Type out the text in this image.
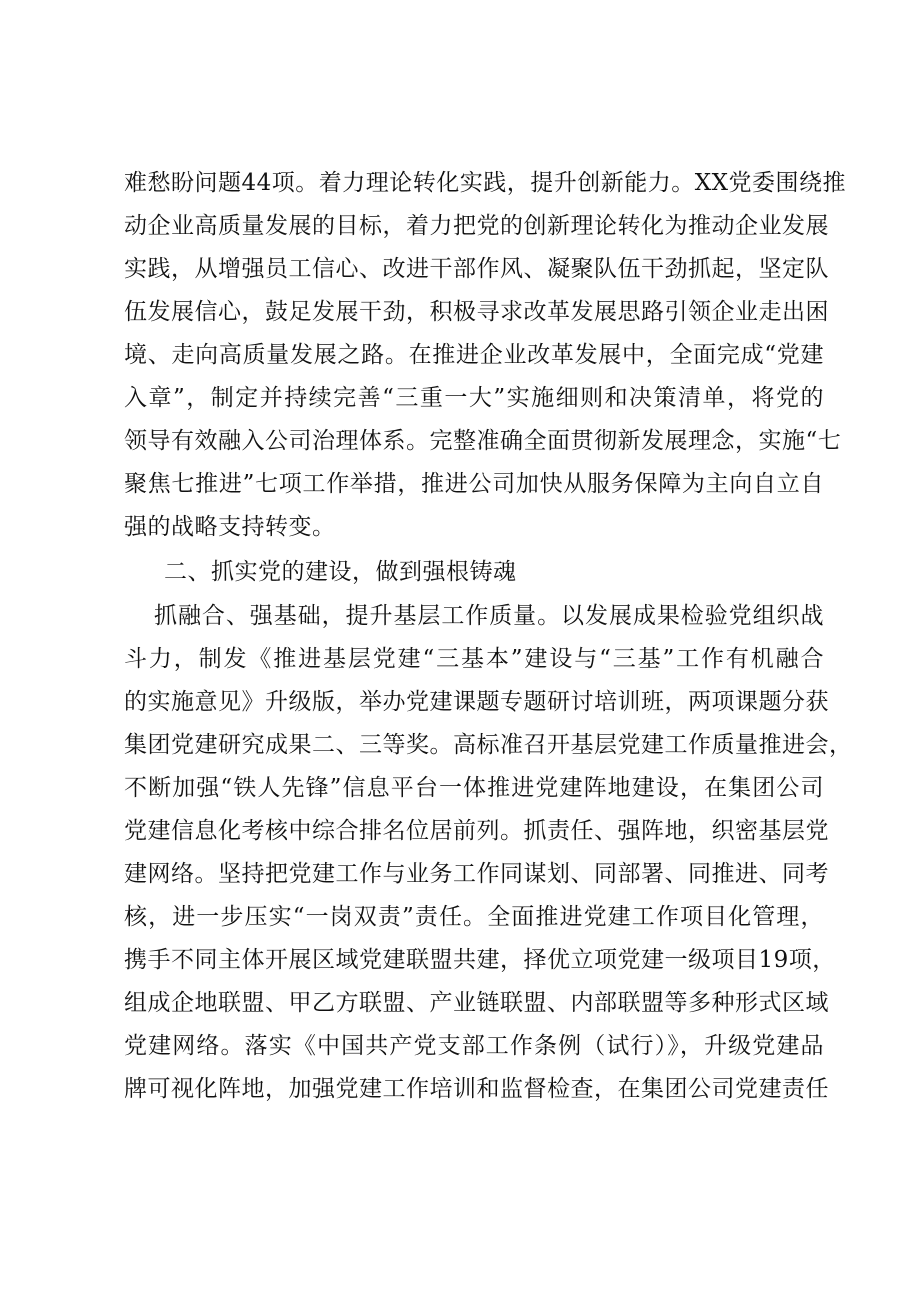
难愁盼问题44项。着力理论转化实践，提升创新能力。XX党委围绕推
动企业高质量发展的目标，着力把党的创新理论转化为推动企业发展
实践，从增强员工信心、改进干部作风、凝聚队伍干劲抓起，坚定队
伍发展信心，鼓足发展干劲，积极寻求改革发展思路引领企业走出困
境、走向高质量发展之路。在推进企业改革发展中，全面完成“党建
入章”，制定并持续完善“三重一大”实施细则和决策清单，将党的
领导有效融入公司治理体系。完整准确全面贯彻新发展理念，实施“七
聚焦七推进”七项工作举措，推进公司加快从服务保障为主向自立自
强的战略支持转变。
二、抓实党的建设，做到强根铸魂
抓融合、强基础，提升基层工作质量。以发展成果检验党组织战
斗力，制发《推进基层党建“三基本”建设与“三基”工作有机融合
的实施意见》升级版，举办党建课题专题研讨培训班，两项课题分获
集团党建研究成果二、三等奖。高标准召开基层党建工作质量推进会，
不断加强“铁人先锋”信息平台一体推进党建阵地建设，在集团公司
党建信息化考核中综合排名位居前列。抓责任、强阵地，织密基层党
建网络。坚持把党建工作与业务工作同谋划、同部署、同推进、同考
核，进一步压实“一岗双责”责任。全面推进党建工作项目化管理，
携手不同主体开展区域党建联盟共建，择优立项党建一级项目19项，
组成企地联盟、甲乙方联盟、产业链联盟、内部联盟等多种形式区域
党建网络。落实《中国共产党支部工作条例（试行）》，升级党建品
牌可视化阵地，加强党建工作培训和监督检查，在集团公司党建责任
